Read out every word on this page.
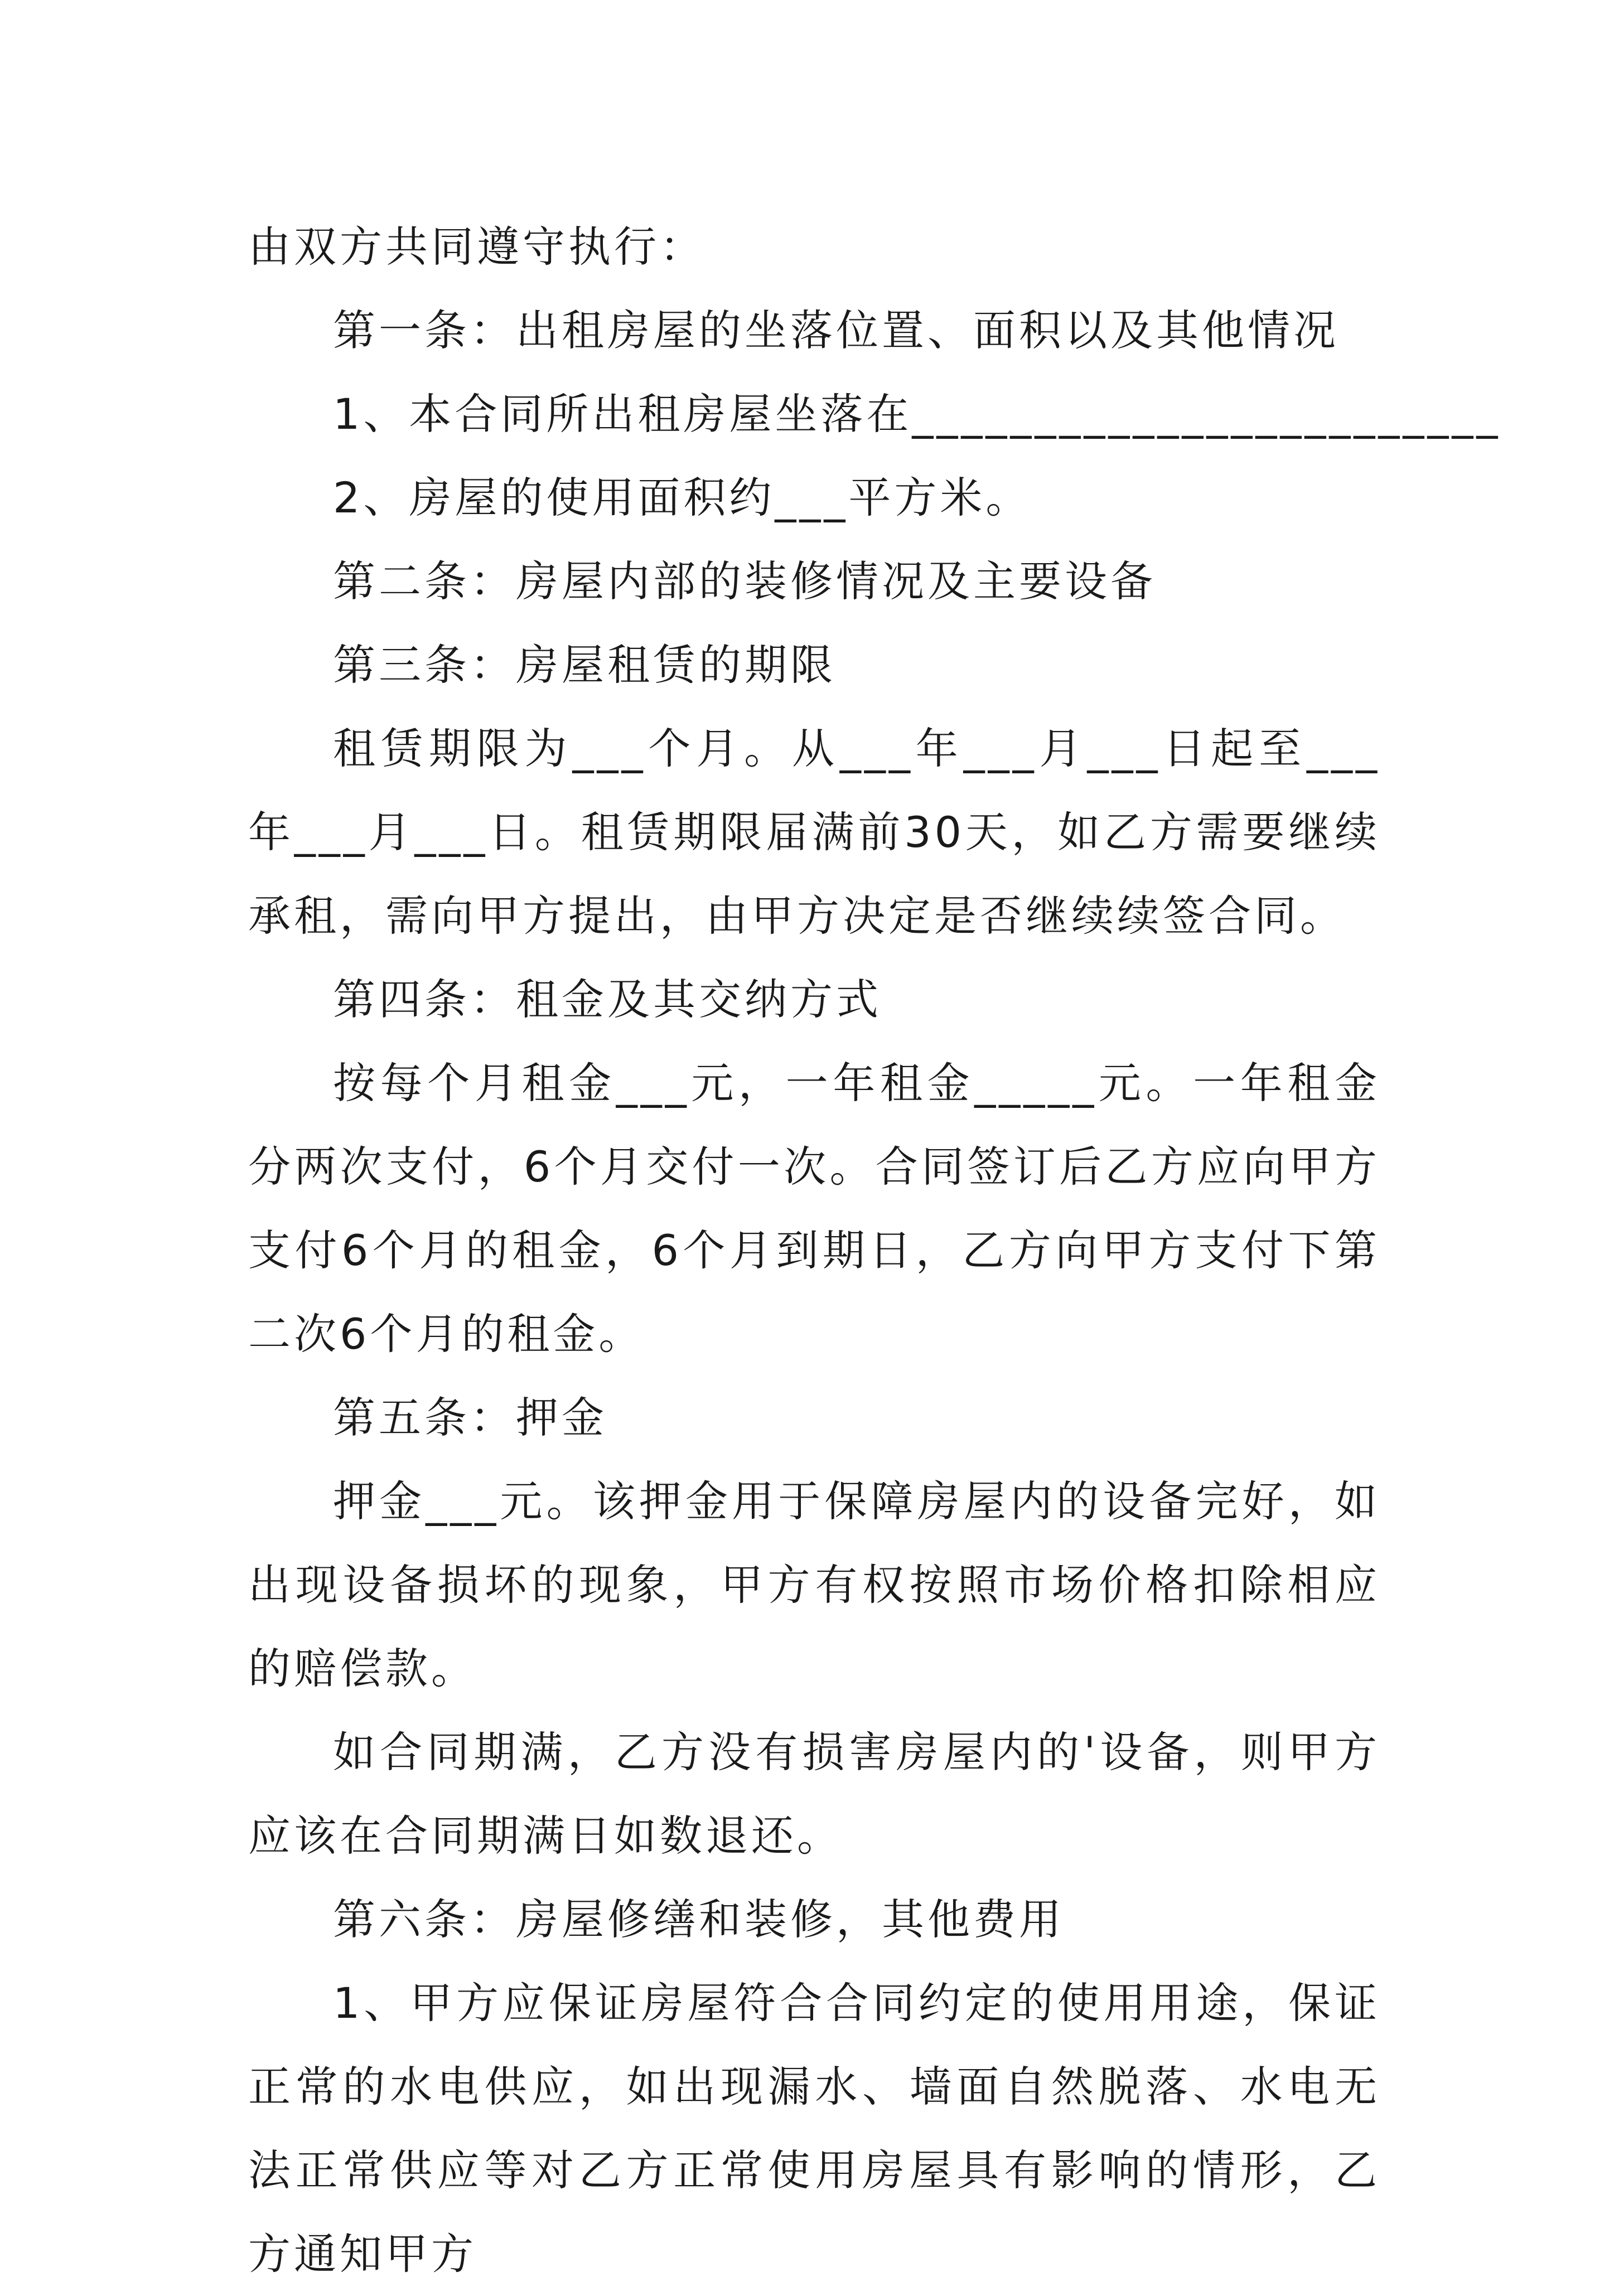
由双方共同遵守执行：

第一条：出租房屋的坐落位置、面积以及其他情况

1、本合同所出租房屋坐落在________________________

2、房屋的使用面积约___平方米。

第二条：房屋内部的装修情况及主要设备

第三条：房屋租赁的期限

租赁期限为___个月。从___年___月___日起至___年___月___日。租赁期限届满前30天，如乙方需要继续承租，需向甲方提出，由甲方决定是否继续续签合同。

第四条：租金及其交纳方式

按每个月租金___元，一年租金_____元。一年租金分两次支付，6个月交付一次。合同签订后乙方应向甲方支付6个月的租金，6个月到期日，乙方向甲方支付下第二次6个月的租金。

第五条：押金

押金___元。该押金用于保障房屋内的设备完好，如出现设备损坏的现象，甲方有权按照市场价格扣除相应的赔偿款。

如合同期满，乙方没有损害房屋内的'设备，则甲方应该在合同期满日如数退还。

第六条：房屋修缮和装修，其他费用

1、甲方应保证房屋符合合同约定的使用用途，保证正常的水电供应，如出现漏水、墙面自然脱落、水电无法正常供应等对乙方正常使用房屋具有影响的情形，乙方通知甲方
